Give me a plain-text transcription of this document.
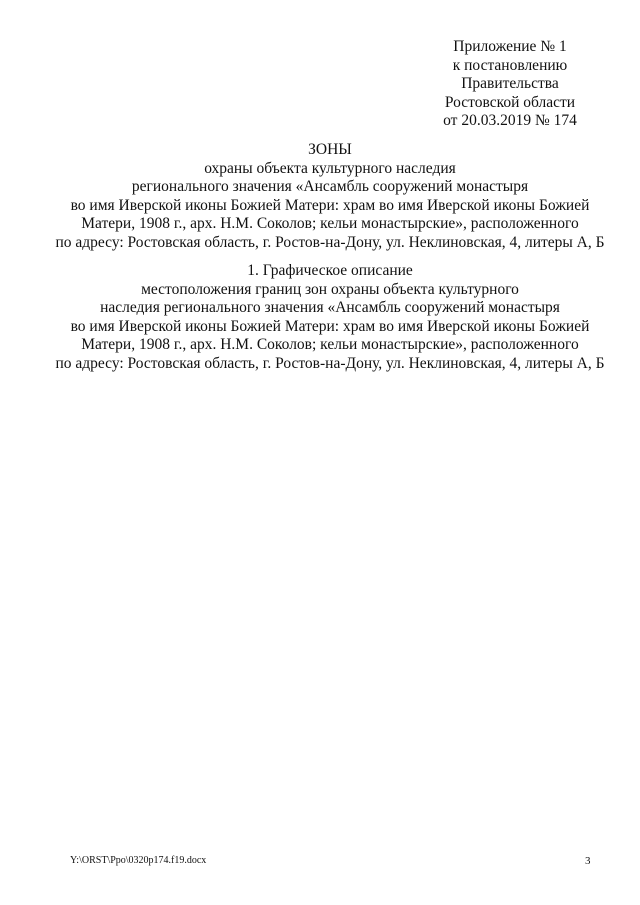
Приложение № 1
к постановлению
Правительства
Ростовской области
от 20.03.2019 № 174
ЗОНЫ
охраны объекта культурного наследия
регионального значения «Ансамбль сооружений монастыря
во имя Иверской иконы Божией Матери: храм во имя Иверской иконы Божией
Матери, 1908 г., арх. Н.М. Соколов; кельи монастырские», расположенного
по адресу: Ростовская область, г. Ростов-на-Дону, ул. Неклиновская, 4, литеры А, Б
1. Графическое описание
местоположения границ зон охраны объекта культурного
наследия регионального значения «Ансамбль сооружений монастыря
во имя Иверской иконы Божией Матери: храм во имя Иверской иконы Божией
Матери, 1908 г., арх. Н.М. Соколов; кельи монастырские», расположенного
по адресу: Ростовская область, г. Ростов-на-Дону, ул. Неклиновская, 4, литеры А, Б
Y:\ORST\Ppo\0320p174.f19.docx	3
